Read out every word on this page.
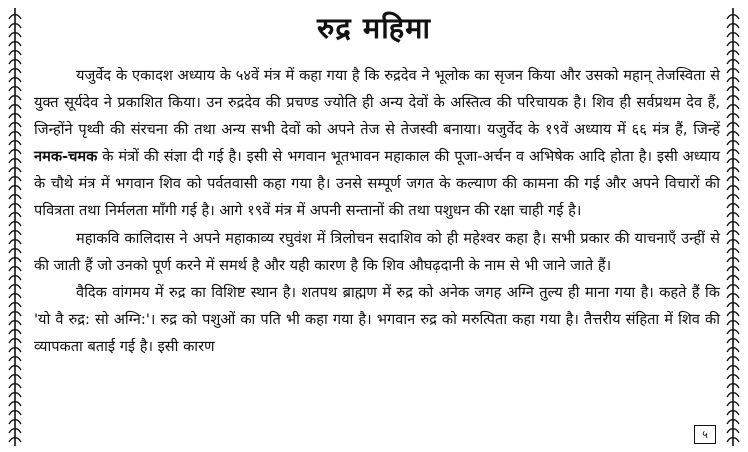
रुद्र महिमा

यजुर्वेद के एकादश अध्याय के ५४वें मंत्र में कहा गया है कि रुद्रदेव ने भूलोक का सृजन किया और उसको महान् तेजस्विता से युक्त सूर्यदेव ने प्रकाशित किया। उन रुद्रदेव की प्रचण्ड ज्योति ही अन्य देवों के अस्तित्व की परिचायक है। शिव ही सर्वप्रथम देव हैं, जिन्होंने पृथ्वी की संरचना की तथा अन्य सभी देवों को अपने तेज से तेजस्वी बनाया। यजुर्वेद के १९वें अध्याय में ६६ मंत्र हैं, जिन्हें नमक-चमक के मंत्रों की संज्ञा दी गई है। इसी से भगवान भूतभावन महाकाल की पूजा-अर्चन व अभिषेक आदि होता है। इसी अध्याय के चौथे मंत्र में भगवान शिव को पर्वतवासी कहा गया है। उनसे सम्पूर्ण जगत के कल्याण की कामना की गई और अपने विचारों की पवित्रता तथा निर्मलता माँगी गई है। आगे १९वें मंत्र में अपनी सन्तानों की तथा पशुधन की रक्षा चाही गई है।

महाकवि कालिदास ने अपने महाकाव्य रघुवंश में त्रिलोचन सदाशिव को ही महेश्वर कहा है। सभी प्रकार की याचनाएँ उन्हीं से की जाती हैं जो उनको पूर्ण करने में समर्थ है और यही कारण है कि शिव औघढ़दानी के नाम से भी जाने जाते हैं।

वैदिक वांगमय में रुद्र का विशिष्ट स्थान है। शतपथ ब्राह्मण में रुद्र को अनेक जगह अग्नि तुल्य ही माना गया है। कहते हैं कि 'यो वै रुद्र: सो अग्नि:'। रुद्र को पशुओं का पति भी कहा गया है। भगवान रुद्र को मरुत्पिता कहा गया है। तैत्तरीय संहिता में शिव की व्यापकता बताई गई है। इसी कारण

५
